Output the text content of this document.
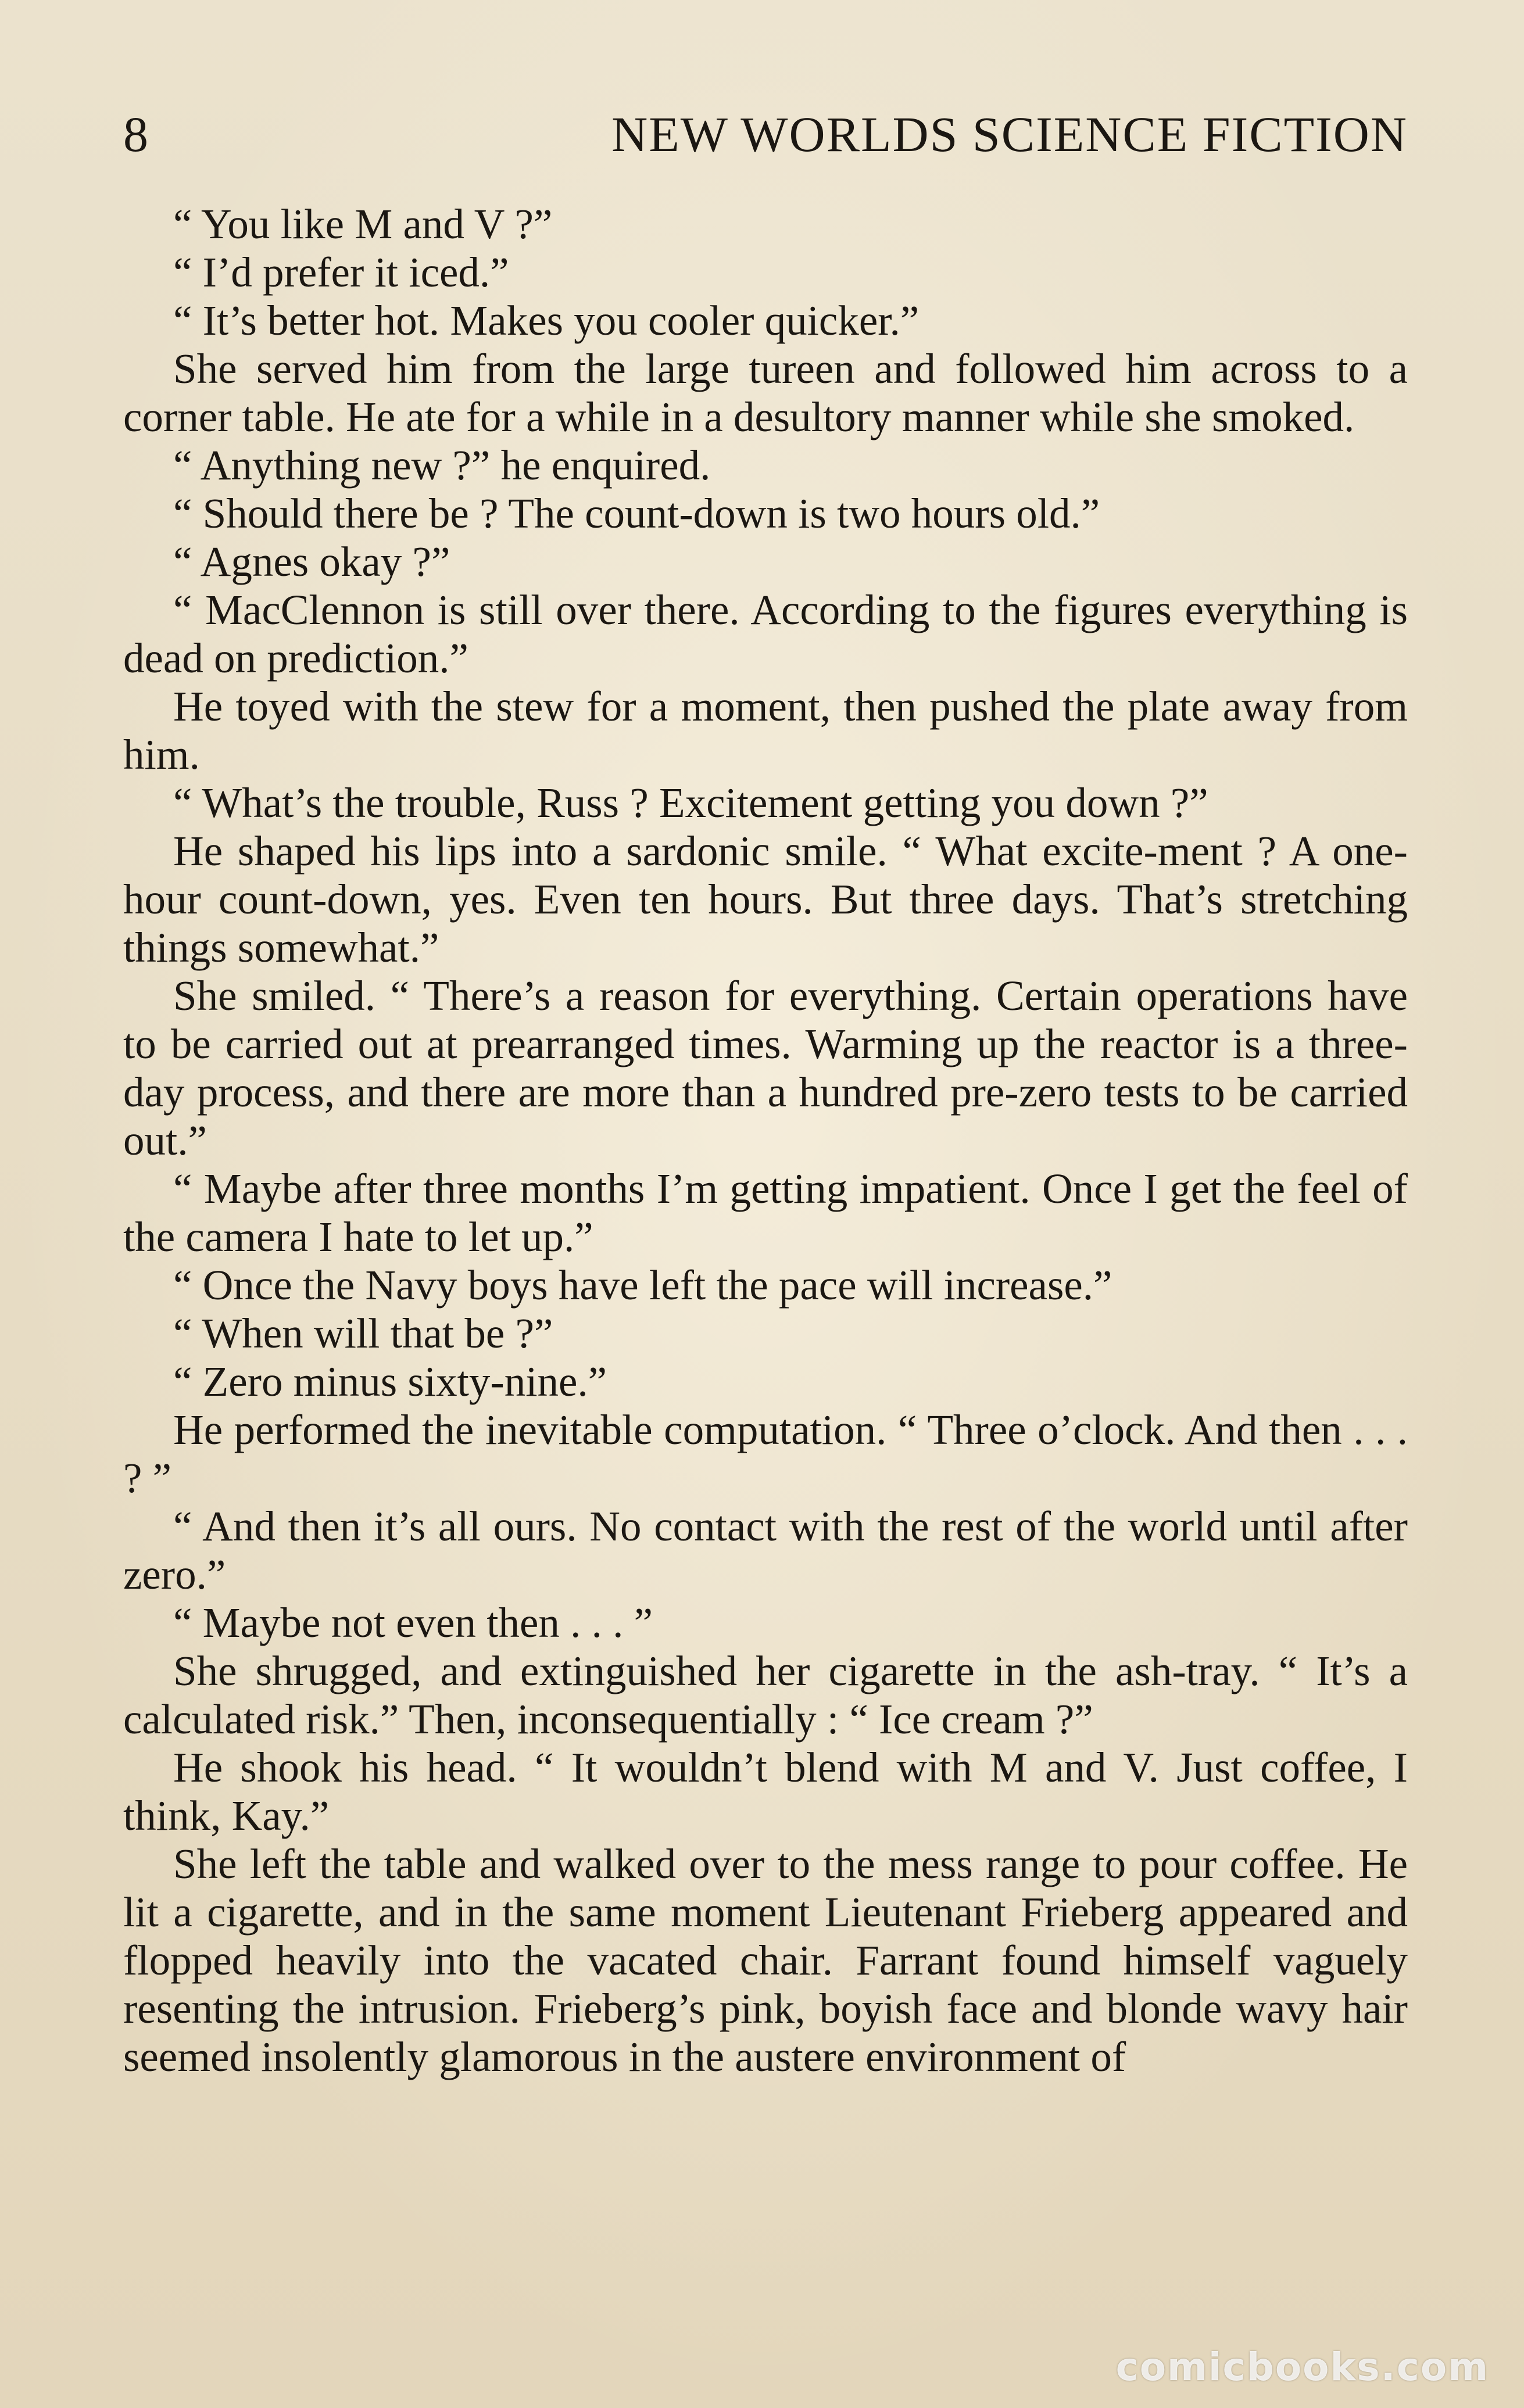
8	NEW WORLDS SCIENCE FICTION

“ You like M and V ?”

“ I’d prefer it iced.”

“ It’s better hot. Makes you cooler quicker.”

She served him from the large tureen and followed him across to a corner table. He ate for a while in a desultory manner while she smoked.

“ Anything new ?” he enquired.

“ Should there be ? The count-down is two hours old.”

“ Agnes okay ?”

“ MacClennon is still over there. According to the figures everything is dead on prediction.”

He toyed with the stew for a moment, then pushed the plate away from him.

“ What’s the trouble, Russ ? Excitement getting you down ?”

He shaped his lips into a sardonic smile. “ What excite-ment ? A one-hour count-down, yes. Even ten hours. But three days. That’s stretching things somewhat.”

She smiled. “ There’s a reason for everything. Certain operations have to be carried out at prearranged times. Warming up the reactor is a three-day process, and there are more than a hundred pre-zero tests to be carried out.”

“ Maybe after three months I’m getting impatient. Once I get the feel of the camera I hate to let up.”

“ Once the Navy boys have left the pace will increase.”

“ When will that be ?”

“ Zero minus sixty-nine.”

He performed the inevitable computation. “ Three o’clock. And then . . . ? ”

“ And then it’s all ours. No contact with the rest of the world until after zero.”

“ Maybe not even then . . . ”

She shrugged, and extinguished her cigarette in the ash-tray. “ It’s a calculated risk.” Then, inconsequentially : “ Ice cream ?”

He shook his head. “ It wouldn’t blend with M and V. Just coffee, I think, Kay.”

She left the table and walked over to the mess range to pour coffee. He lit a cigarette, and in the same moment Lieutenant Frieberg appeared and flopped heavily into the vacated chair. Farrant found himself vaguely resenting the intrusion. Frieberg’s pink, boyish face and blonde wavy hair seemed insolently glamorous in the austere environment of

comicbooks.com
